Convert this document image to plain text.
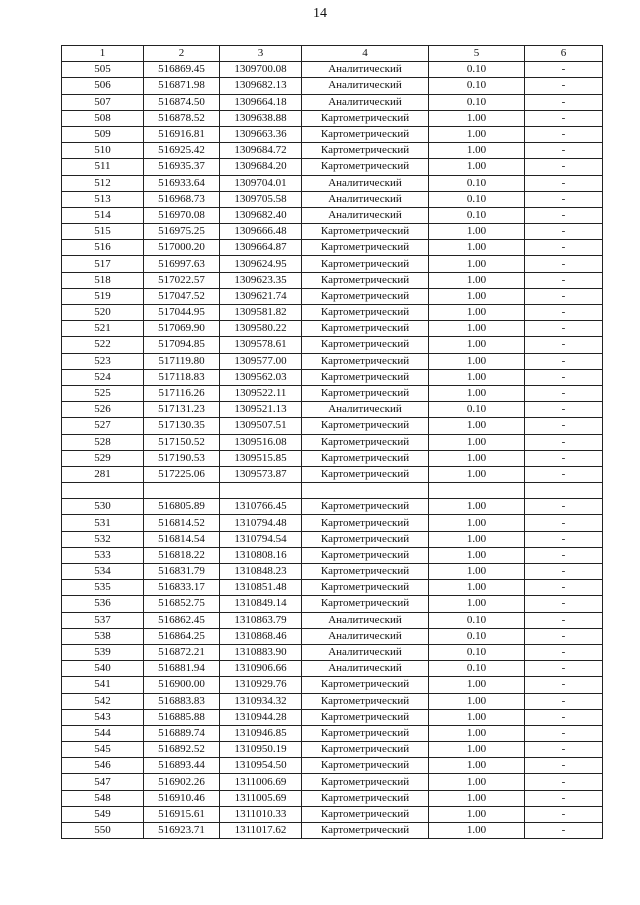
14
1	2	3	4	5	6
505	516869.45	1309700.08	Аналитический	0.10	-
506	516871.98	1309682.13	Аналитический	0.10	-
507	516874.50	1309664.18	Аналитический	0.10	-
508	516878.52	1309638.88	Картометрический	1.00	-
509	516916.81	1309663.36	Картометрический	1.00	-
510	516925.42	1309684.72	Картометрический	1.00	-
511	516935.37	1309684.20	Картометрический	1.00	-
512	516933.64	1309704.01	Аналитический	0.10	-
513	516968.73	1309705.58	Аналитический	0.10	-
514	516970.08	1309682.40	Аналитический	0.10	-
515	516975.25	1309666.48	Картометрический	1.00	-
516	517000.20	1309664.87	Картометрический	1.00	-
517	516997.63	1309624.95	Картометрический	1.00	-
518	517022.57	1309623.35	Картометрический	1.00	-
519	517047.52	1309621.74	Картометрический	1.00	-
520	517044.95	1309581.82	Картометрический	1.00	-
521	517069.90	1309580.22	Картометрический	1.00	-
522	517094.85	1309578.61	Картометрический	1.00	-
523	517119.80	1309577.00	Картометрический	1.00	-
524	517118.83	1309562.03	Картометрический	1.00	-
525	517116.26	1309522.11	Картометрический	1.00	-
526	517131.23	1309521.13	Аналитический	0.10	-
527	517130.35	1309507.51	Картометрический	1.00	-
528	517150.52	1309516.08	Картометрический	1.00	-
529	517190.53	1309515.85	Картометрический	1.00	-
281	517225.06	1309573.87	Картометрический	1.00	-

530	516805.89	1310766.45	Картометрический	1.00	-
531	516814.52	1310794.48	Картометрический	1.00	-
532	516814.54	1310794.54	Картометрический	1.00	-
533	516818.22	1310808.16	Картометрический	1.00	-
534	516831.79	1310848.23	Картометрический	1.00	-
535	516833.17	1310851.48	Картометрический	1.00	-
536	516852.75	1310849.14	Картометрический	1.00	-
537	516862.45	1310863.79	Аналитический	0.10	-
538	516864.25	1310868.46	Аналитический	0.10	-
539	516872.21	1310883.90	Аналитический	0.10	-
540	516881.94	1310906.66	Аналитический	0.10	-
541	516900.00	1310929.76	Картометрический	1.00	-
542	516883.83	1310934.32	Картометрический	1.00	-
543	516885.88	1310944.28	Картометрический	1.00	-
544	516889.74	1310946.85	Картометрический	1.00	-
545	516892.52	1310950.19	Картометрический	1.00	-
546	516893.44	1310954.50	Картометрический	1.00	-
547	516902.26	1311006.69	Картометрический	1.00	-
548	516910.46	1311005.69	Картометрический	1.00	-
549	516915.61	1311010.33	Картометрический	1.00	-
550	516923.71	1311017.62	Картометрический	1.00	-
